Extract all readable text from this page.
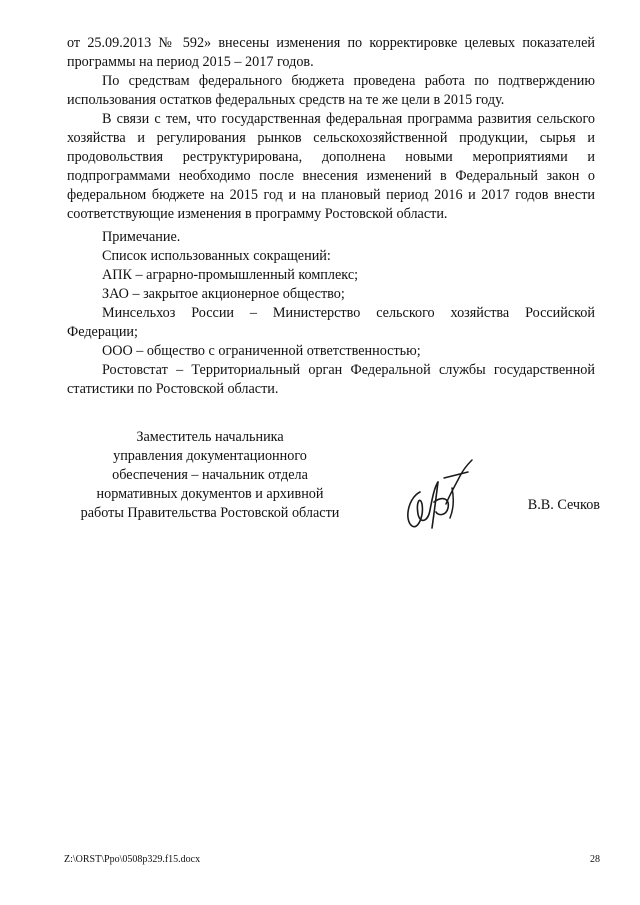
от 25.09.2013 № 592» внесены изменения по корректировке целевых показателей программы на период 2015 – 2017 годов.

По средствам федерального бюджета проведена работа по подтверждению использования остатков федеральных средств на те же цели в 2015 году.

В связи с тем, что государственная федеральная программа развития сельского хозяйства и регулирования рынков сельскохозяйственной продукции, сырья и продовольствия реструктурирована, дополнена новыми мероприятиями и подпрограммами необходимо после внесения изменений в Федеральный закон о федеральном бюджете на 2015 год и на плановый период 2016 и 2017 годов внести соответствующие изменения в программу Ростовской области.

Примечание.

Список использованных сокращений:

АПК – аграрно-промышленный комплекс;

ЗАО – закрытое акционерное общество;

Минсельхоз России – Министерство сельского хозяйства Российской Федерации;

ООО – общество с ограниченной ответственностью;

Ростовстат – Территориальный орган Федеральной службы государственной статистики по Ростовской области.

Заместитель начальника
управления документационного
обеспечения – начальник отдела
нормативных документов и архивной
работы Правительства Ростовской области	В.В. Сечков
Z:\ORST\Ppo\0508p329.f15.docx	28
